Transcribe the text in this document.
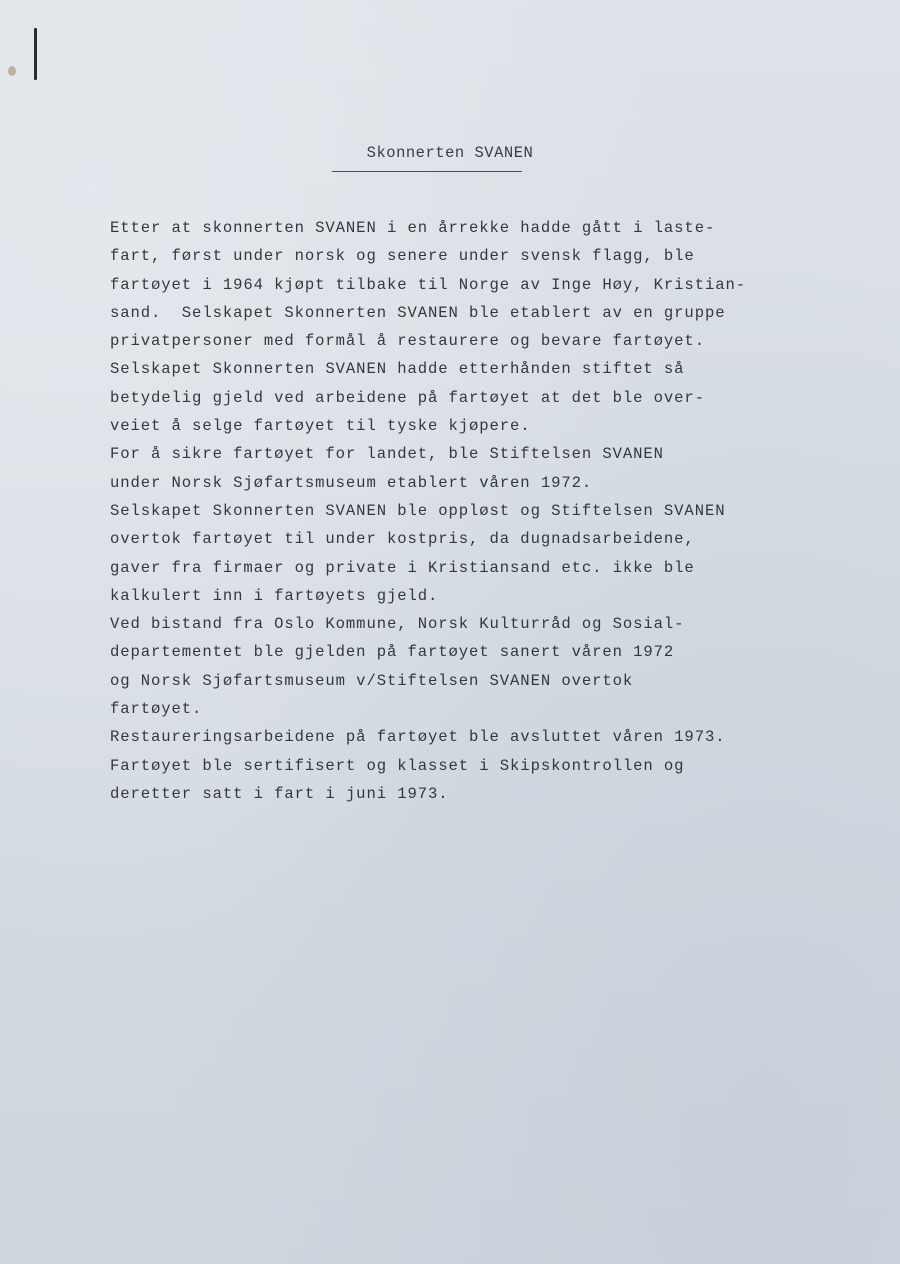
Skonnerten SVANEN
Etter at skonnerten SVANEN i en årrekke hadde gått i laste-
fart, først under norsk og senere under svensk flagg, ble
fartøyet i 1964 kjøpt tilbake til Norge av Inge Høy, Kristian-
sand.  Selskapet Skonnerten SVANEN ble etablert av en gruppe
privatpersoner med formål å restaurere og bevare fartøyet.
Selskapet Skonnerten SVANEN hadde etterhånden stiftet så
betydelig gjeld ved arbeidene på fartøyet at det ble over-
veiet å selge fartøyet til tyske kjøpere.
For å sikre fartøyet for landet, ble Stiftelsen SVANEN
under Norsk Sjøfartsmuseum etablert våren 1972.
Selskapet Skonnerten SVANEN ble oppløst og Stiftelsen SVANEN
overtok fartøyet til under kostpris, da dugnadsarbeidene,
gaver fra firmaer og private i Kristiansand etc. ikke ble
kalkulert inn i fartøyets gjeld.
Ved bistand fra Oslo Kommune, Norsk Kulturråd og Sosial-
departementet ble gjelden på fartøyet sanert våren 1972
og Norsk Sjøfartsmuseum v/Stiftelsen SVANEN overtok
fartøyet.
Restaureringsarbeidene på fartøyet ble avsluttet våren 1973.
Fartøyet ble sertifisert og klasset i Skipskontrollen og
deretter satt i fart i juni 1973.
